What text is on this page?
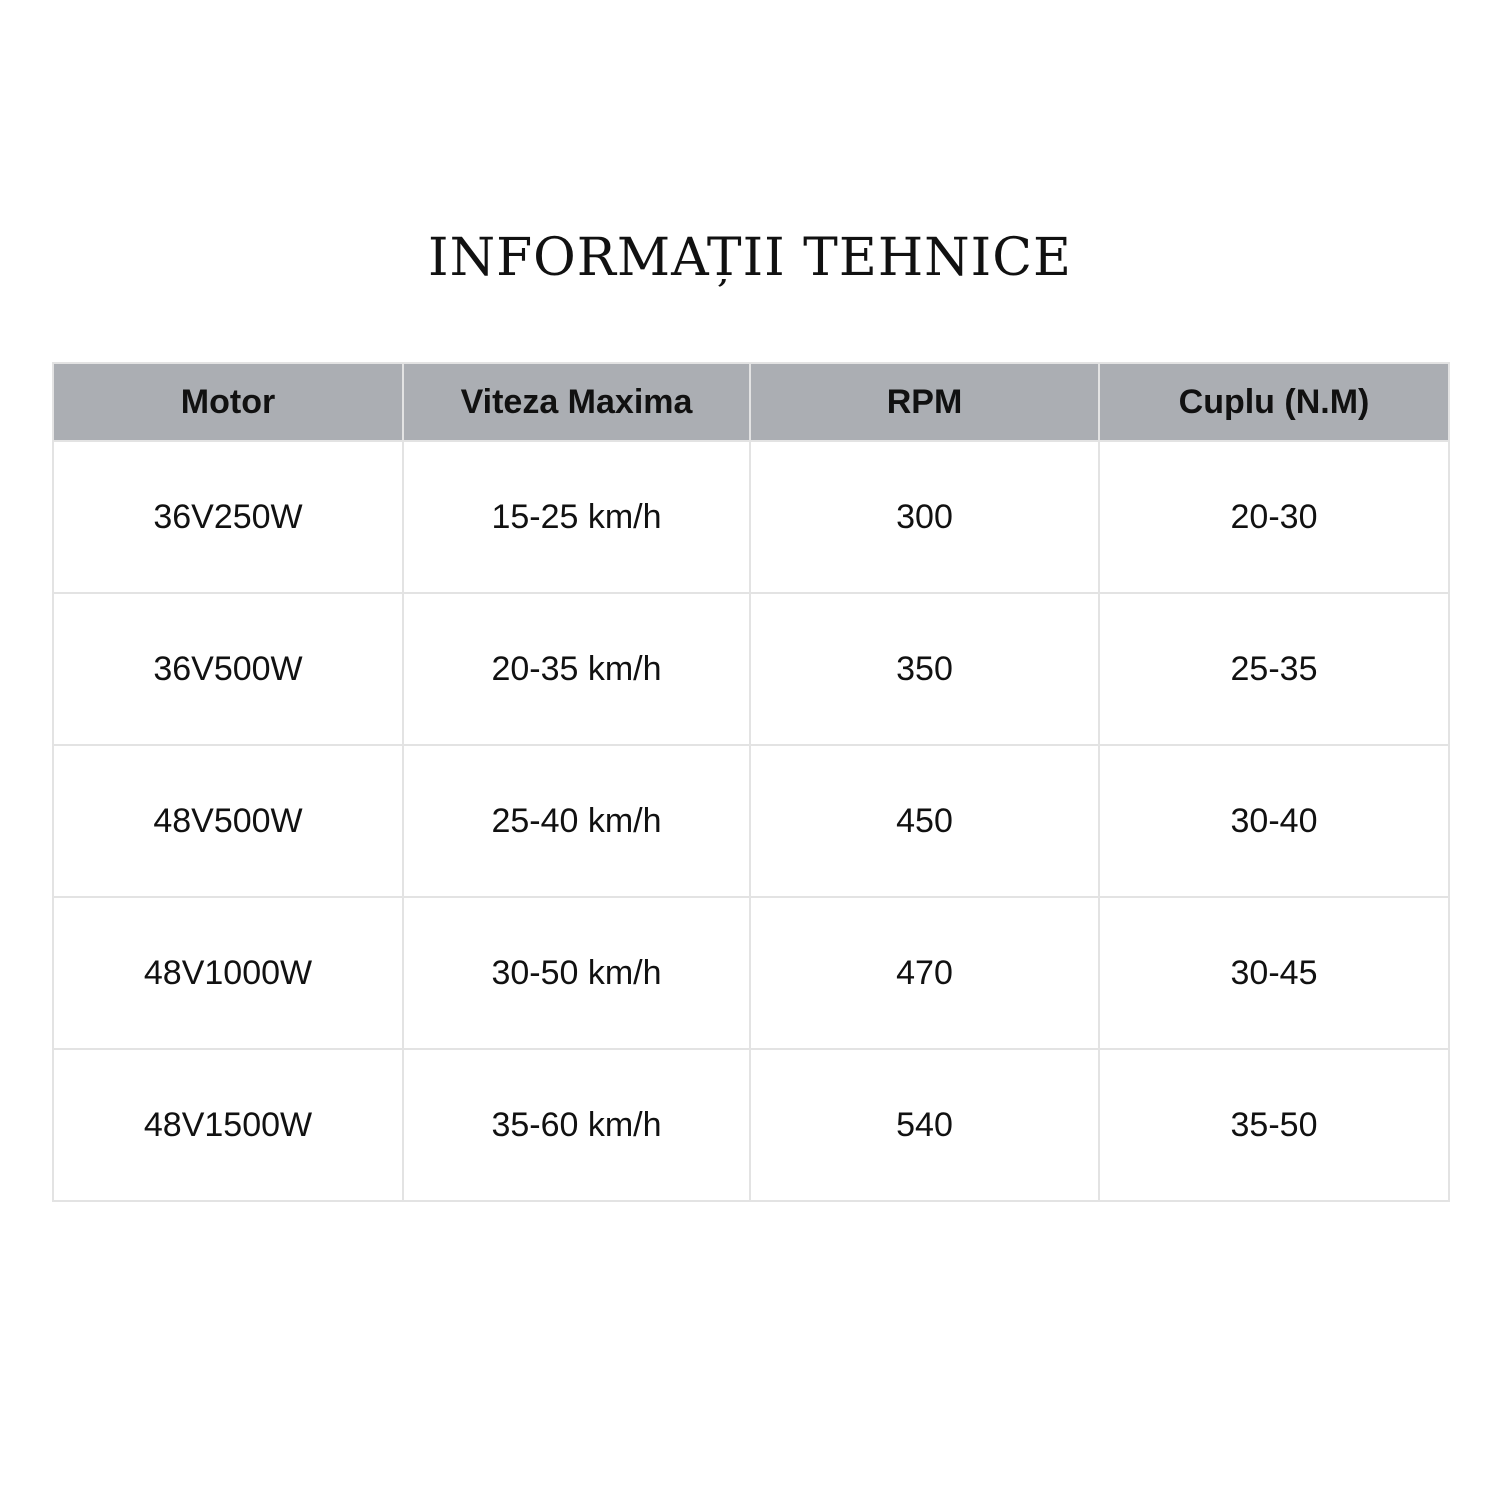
INFORMAȚII TEHNICE
Motor	Viteza Maxima	RPM	Cuplu (N.M)
36V250W	15-25 km/h	300	20-30
36V500W	20-35 km/h	350	25-35
48V500W	25-40 km/h	450	30-40
48V1000W	30-50 km/h	470	30-45
48V1500W	35-60 km/h	540	35-50
